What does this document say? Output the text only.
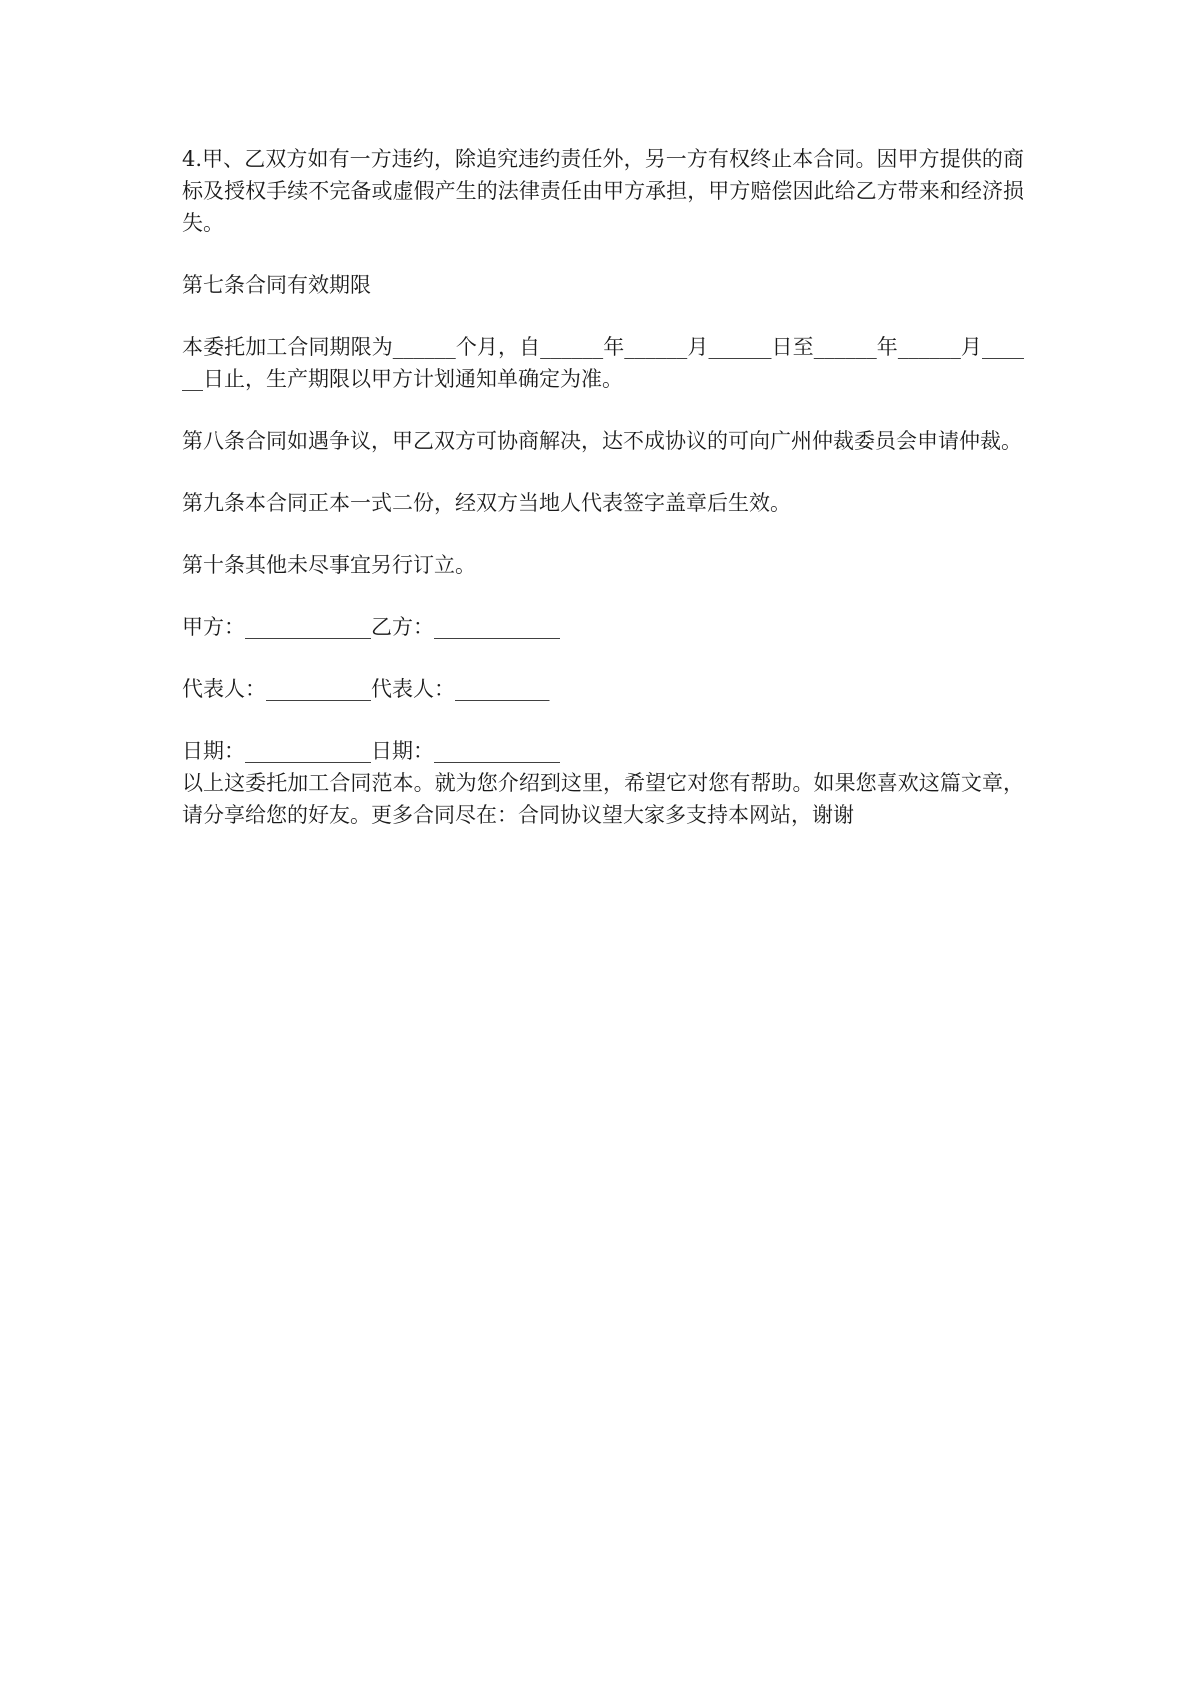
4.甲、乙双方如有一方违约，除追究违约责任外，另一方有权终止本合同。因甲方提供的商标及授权手续不完备或虚假产生的法律责任由甲方承担，甲方赔偿因此给乙方带来和经济损失。

第七条合同有效期限

本委托加工合同期限为______个月，自______年______月______日至______年______月______日止，生产期限以甲方计划通知单确定为准。

第八条合同如遇争议，甲乙双方可协商解决，达不成协议的可向广州仲裁委员会申请仲裁。

第九条本合同正本一式二份，经双方当地人代表签字盖章后生效。

第十条其他未尽事宜另行订立。

甲方：____________乙方：____________

代表人：__________代表人：_________

日期：____________日期：____________

以上这委托加工合同范本。就为您介绍到这里，希望它对您有帮助。如果您喜欢这篇文章，请分享给您的好友。更多合同尽在：合同协议望大家多支持本网站，谢谢
